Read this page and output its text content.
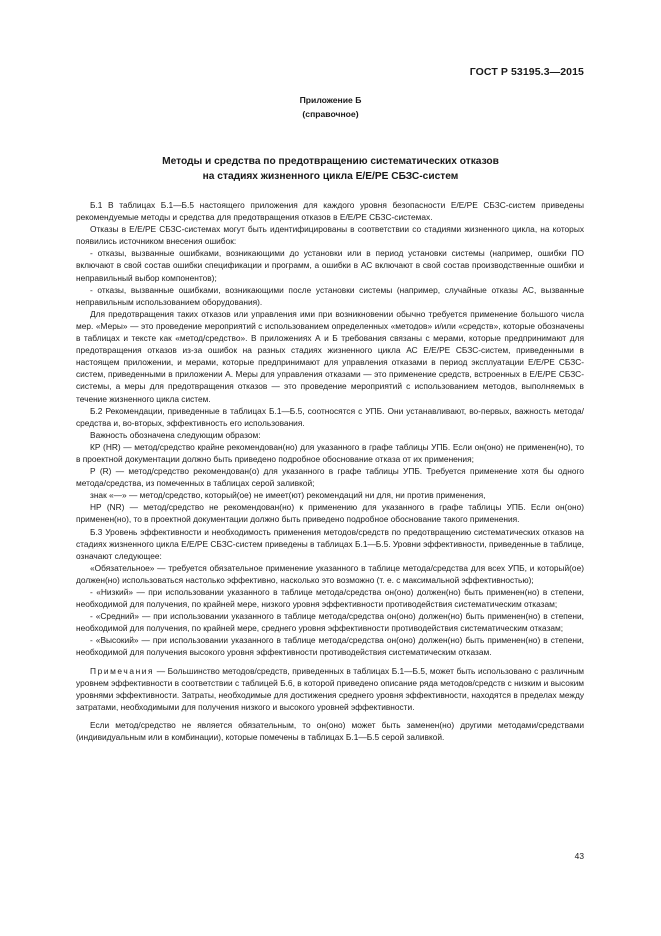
ГОСТ Р 53195.3—2015
Приложение Б
(справочное)
Методы и средства по предотвращению систематических отказов
на стадиях жизненного цикла E/E/PE СБЗС-систем

Б.1 В таблицах Б.1—Б.5 настоящего приложения для каждого уровня безопасности E/E/PE СБЗС-систем приведены рекомендуемые методы и средства для предотвращения отказов в E/E/PE СБЗС-системах.

Отказы в E/E/PE СБЗС-системах могут быть идентифицированы в соответствии со стадиями жизненного цикла, на которых появились источником внесения ошибок:

- отказы, вызванные ошибками, возникающими до установки или в период установки системы (например, ошибки ПО включают в свой состав ошибки спецификации и программ, а ошибки в АС включают в свой состав производственные ошибки и неправильный выбор компонентов);

- отказы, вызванные ошибками, возникающими после установки системы (например, случайные отказы АС, вызванные неправильным использованием оборудования).

Для предотвращения таких отказов или управления ими при возникновении обычно требуется применение большого числа мер. «Меры» — это проведение мероприятий с использованием определенных «методов» и/или «средств», которые обозначены в таблицах и тексте как «метод/средство». В приложениях А и Б требования связаны с мерами, которые предпринимают для предотвращения отказов из-за ошибок на разных стадиях жизненного цикла АС E/E/PE СБЗС-систем, приведенными в настоящем приложении, и мерами, которые предпринимают для управления отказами в период эксплуатации E/E/PE СБЗС-систем, приведенными в приложении А. Меры для управления отказами — это применение средств, встроенных в E/E/PE СБЗС-системы, а меры для предотвращения отказов — это проведение мероприятий с использованием методов, выполняемых в течение жизненного цикла систем.

Б.2 Рекомендации, приведенные в таблицах Б.1—Б.5, соотносятся с УПБ. Они устанавливают, во-первых, важность метода/средства и, во-вторых, эффективность его использования.

Важность обозначена следующим образом:

КР (HR) — метод/средство крайне рекомендован(но) для указанного в графе таблицы УПБ. Если он(оно) не применен(но), то в проектной документации должно быть приведено подробное обоснование отказа от их применения;

Р (R) — метод/средство рекомендован(о) для указанного в графе таблицы УПБ. Требуется применение хотя бы одного метода/средства, из помеченных в таблицах серой заливкой;

знак «—» — метод/средство, который(ое) не имеет(ют) рекомендаций ни для, ни против применения,

НР (NR) — метод/средство не рекомендован(но) к применению для указанного в графе таблицы УПБ. Если он(оно) применен(но), то в проектной документации должно быть приведено подробное обоснование такого применения.

Б.3 Уровень эффективности и необходимость применения методов/средств по предотвращению систематических отказов на стадиях жизненного цикла E/E/PE СБЗС-систем приведены в таблицах Б.1—Б.5. Уровни эффективности, приведенные в таблице, означают следующее:

«Обязательное» — требуется обязательное применение указанного в таблице метода/средства для всех УПБ, и который(ое) должен(но) использоваться настолько эффективно, насколько это возможно (т. е. с максимальной эффективностью);

- «Низкий» — при использовании указанного в таблице метода/средства он(оно) должен(но) быть применен(но) в степени, необходимой для получения, по крайней мере, низкого уровня эффективности противодействия систематическим отказам;

- «Средний» — при использовании указанного в таблице метода/средства он(оно) должен(но) быть применен(но) в степени, необходимой для получения, по крайней мере, среднего уровня эффективности противодействия систематическим отказам;

- «Высокий» — при использовании указанного в таблице метода/средства он(оно) должен(но) быть применен(но) в степени, необходимой для получения высокого уровня эффективности противодействия систематическим отказам.

Примечания — Большинство методов/средств, приведенных в таблицах Б.1—Б.5, может быть использовано с различным уровнем эффективности в соответствии с таблицей Б.6, в которой приведено описание ряда методов/средств с низким и высоким уровнями эффективности. Затраты, необходимые для достижения среднего уровня эффективности, находятся в пределах между затратами, необходимыми для получения низкого и высокого уровней эффективности.

Если метод/средство не является обязательным, то он(оно) может быть заменен(но) другими методами/средствами (индивидуальным или в комбинации), которые помечены в таблицах Б.1—Б.5 серой заливкой.

43
